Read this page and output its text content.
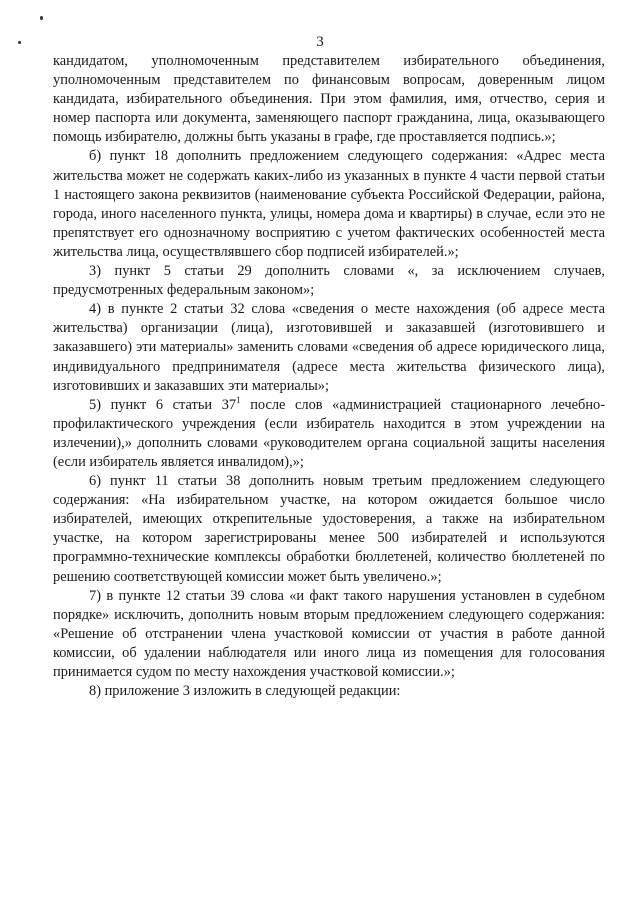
3

кандидатом, уполномоченным представителем избирательного объединения, уполномоченным представителем по финансовым вопросам, доверенным лицом кандидата, избирательного объединения. При этом фамилия, имя, отчество, серия и номер паспорта или документа, заменяющего паспорт гражданина, лица, оказывающего помощь избирателю, должны быть указаны в графе, где проставляется подпись.»;

б) пункт 18 дополнить предложением следующего содержания: «Адрес места жительства может не содержать каких-либо из указанных в пункте 4 части первой статьи 1 настоящего закона реквизитов (наименование субъекта Российской Федерации, района, города, иного населенного пункта, улицы, номера дома и квартиры) в случае, если это не препятствует его однозначному восприятию с учетом фактических особенностей места жительства лица, осуществлявшего сбор подписей избирателей.»;

3) пункт 5 статьи 29 дополнить словами «, за исключением случаев, предусмотренных федеральным законом»;

4) в пункте 2 статьи 32 слова «сведения о месте нахождения (об адресе места жительства) организации (лица), изготовившей и заказавшей (изготовившего и заказавшего) эти материалы» заменить словами «сведения об адресе юридического лица, индивидуального предпринимателя (адресе места жительства физического лица), изготовивших и заказавших эти материалы»;

5) пункт 6 статьи $37^1$ после слов «администрацией стационарного лечебно-профилактического учреждения (если избиратель находится в этом учреждении на излечении),» дополнить словами «руководителем органа социальной защиты населения (если избиратель является инвалидом),»;

6) пункт 11 статьи 38 дополнить новым третьим предложением следующего содержания: «На избирательном участке, на котором ожидается большое число избирателей, имеющих открепительные удостоверения, а также на избирательном участке, на котором зарегистрированы менее 500 избирателей и используются программно-технические комплексы обработки бюллетеней, количество бюллетеней по решению соответствующей комиссии может быть увеличено.»;

7) в пункте 12 статьи 39 слова «и факт такого нарушения установлен в судебном порядке» исключить, дополнить новым вторым предложением следующего содержания: «Решение об отстранении члена участковой комиссии от участия в работе данной комиссии, об удалении наблюдателя или иного лица из помещения для голосования принимается судом по месту нахождения участковой комиссии.»;

8) приложение 3 изложить в следующей редакции:
